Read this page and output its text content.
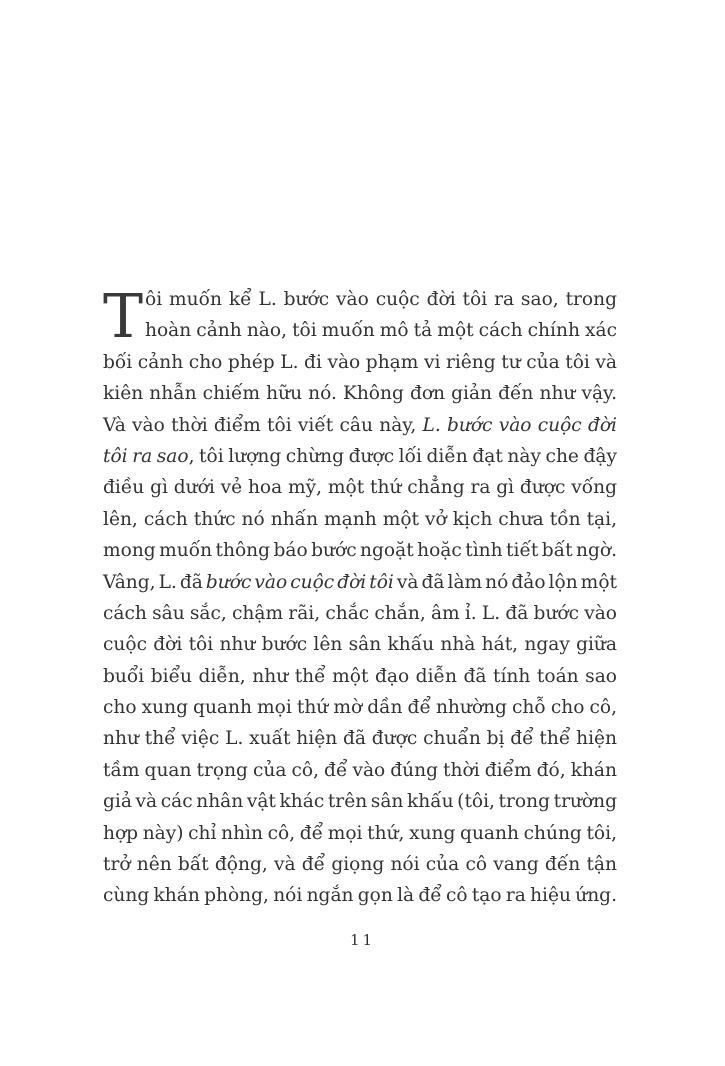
T ôi muốn kể L. bước vào cuộc đời tôi ra sao, trong
hoàn cảnh nào, tôi muốn mô tả một cách chính xác
bối cảnh cho phép L. đi vào phạm vi riêng tư của tôi và
kiên nhẫn chiếm hữu nó. Không đơn giản đến như vậy.
Và vào thời điểm tôi viết câu này, L. bước vào cuộc đời
tôi ra sao, tôi lượng chừng được lối diễn đạt này che đậy
điều gì dưới vẻ hoa mỹ, một thứ chẳng ra gì được vống
lên, cách thức nó nhấn mạnh một vở kịch chưa tồn tại,
mong muốn thông báo bước ngoặt hoặc tình tiết bất ngờ.
Vâng, L. đã bước vào cuộc đời tôi và đã làm nó đảo lộn một
cách sâu sắc, chậm rãi, chắc chắn, âm ỉ. L. đã bước vào
cuộc đời tôi như bước lên sân khấu nhà hát, ngay giữa
buổi biểu diễn, như thể một đạo diễn đã tính toán sao
cho xung quanh mọi thứ mờ dần để nhường chỗ cho cô,
như thể việc L. xuất hiện đã được chuẩn bị để thể hiện
tầm quan trọng của cô, để vào đúng thời điểm đó, khán
giả và các nhân vật khác trên sân khấu (tôi, trong trường
hợp này) chỉ nhìn cô, để mọi thứ, xung quanh chúng tôi,
trở nên bất động, và để giọng nói của cô vang đến tận
cùng khán phòng, nói ngắn gọn là để cô tạo ra hiệu ứng.
11
